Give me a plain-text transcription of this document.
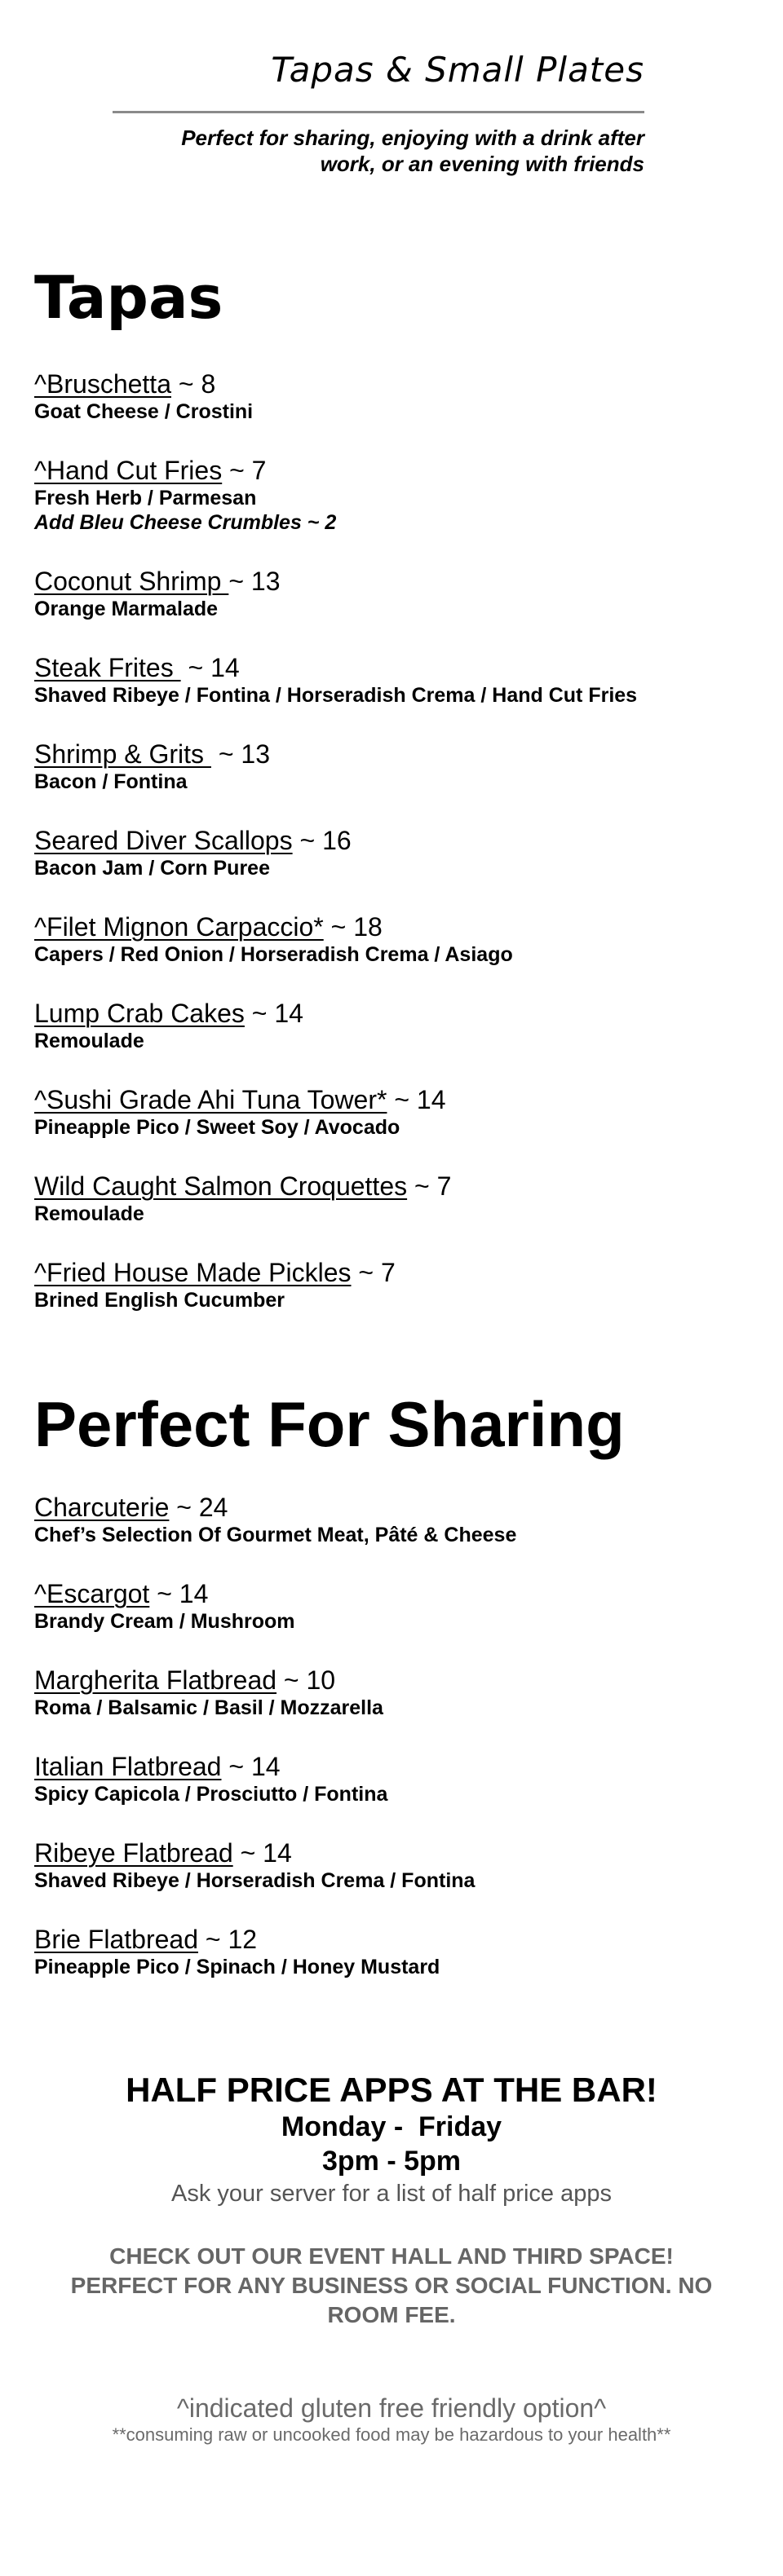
Tapas & Small Plates
Perfect for sharing, enjoying with a drink after
work, or an evening with friends
Tapas
^Bruschetta ~ 8
Goat Cheese / Crostini
^Hand Cut Fries ~ 7
Fresh Herb / Parmesan
Add Bleu Cheese Crumbles ~ 2
Coconut Shrimp ~ 13
Orange Marmalade
Steak Frites  ~ 14
Shaved Ribeye / Fontina / Horseradish Crema / Hand Cut Fries
Shrimp & Grits  ~ 13
Bacon / Fontina
Seared Diver Scallops ~ 16
Bacon Jam / Corn Puree
^Filet Mignon Carpaccio* ~ 18
Capers / Red Onion / Horseradish Crema / Asiago
Lump Crab Cakes ~ 14
Remoulade
^Sushi Grade Ahi Tuna Tower* ~ 14
Pineapple Pico / Sweet Soy / Avocado
Wild Caught Salmon Croquettes ~ 7
Remoulade
^Fried House Made Pickles ~ 7
Brined English Cucumber
Perfect For Sharing
Charcuterie ~ 24
Chef’s Selection Of Gourmet Meat, Pâté & Cheese
^Escargot ~ 14
Brandy Cream / Mushroom
Margherita Flatbread ~ 10
Roma / Balsamic / Basil / Mozzarella
Italian Flatbread ~ 14
Spicy Capicola / Prosciutto / Fontina
Ribeye Flatbread ~ 14
Shaved Ribeye / Horseradish Crema / Fontina
Brie Flatbread ~ 12
Pineapple Pico / Spinach / Honey Mustard
HALF PRICE APPS AT THE BAR!
Monday -  Friday
3pm - 5pm
Ask your server for a list of half price apps
CHECK OUT OUR EVENT HALL AND THIRD SPACE!
PERFECT FOR ANY BUSINESS OR SOCIAL FUNCTION. NO
ROOM FEE.
^indicated gluten free friendly option^
**consuming raw or uncooked food may be hazardous to your health**
